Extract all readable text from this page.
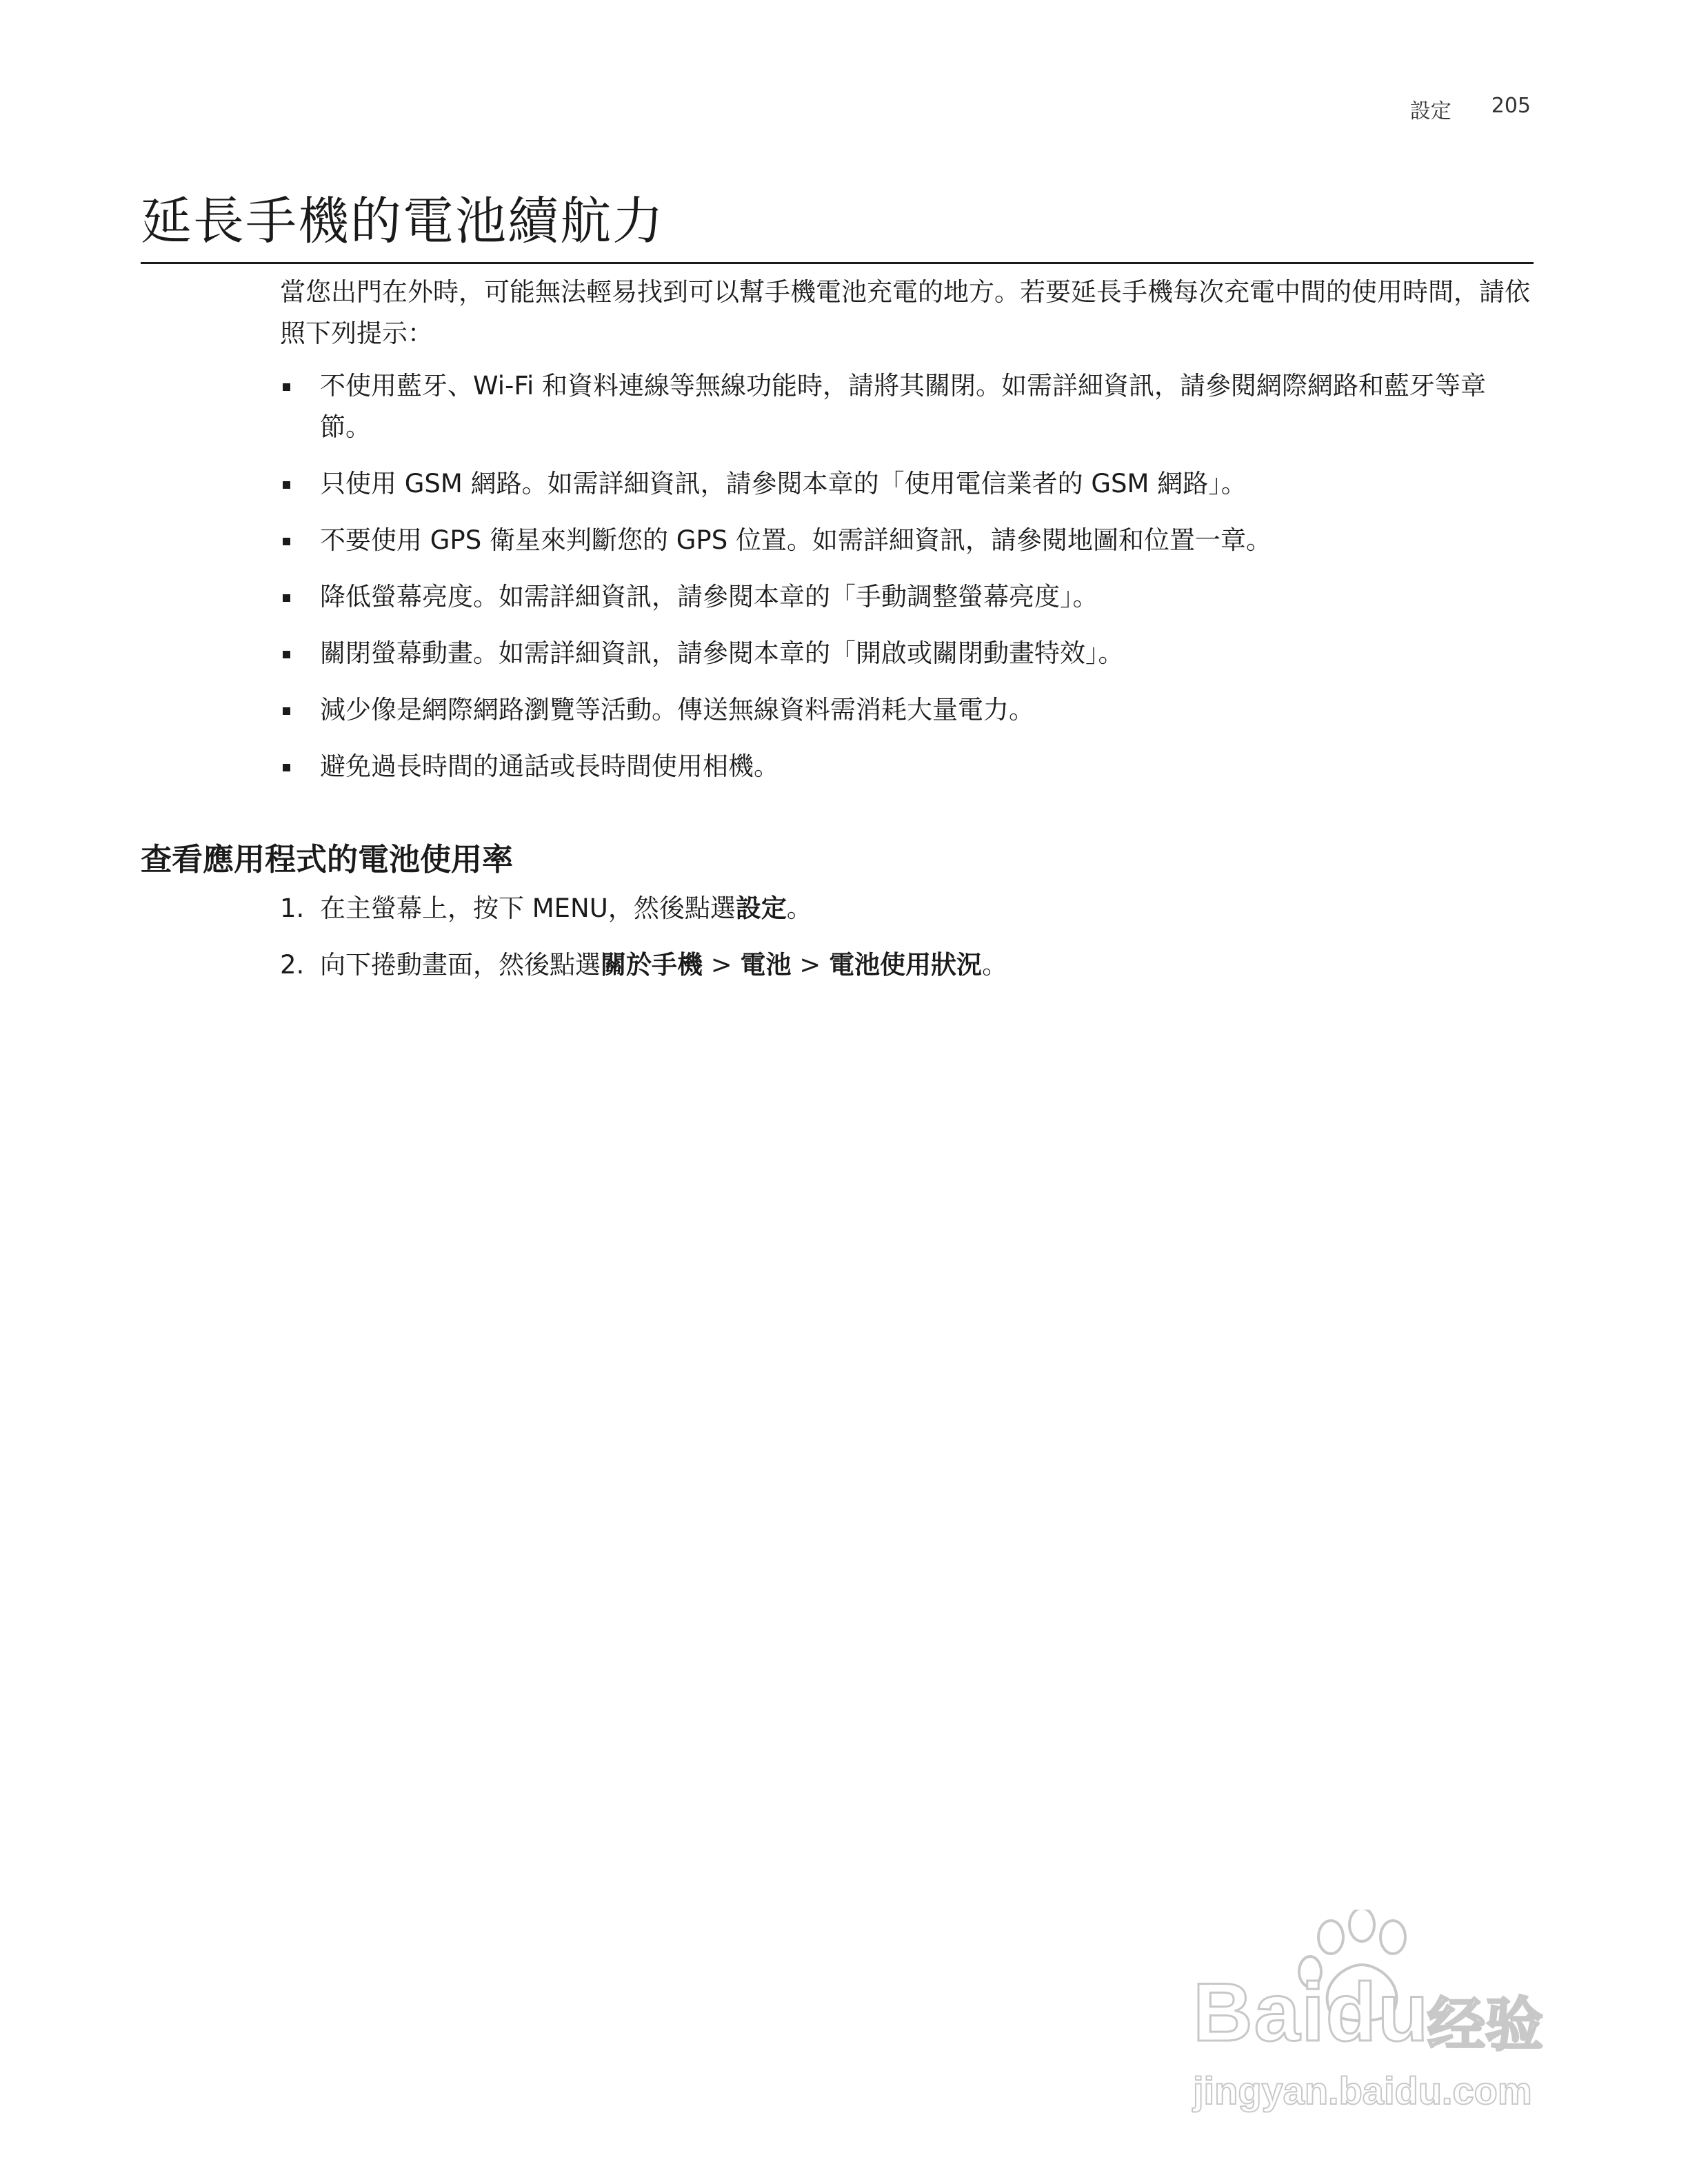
設定 205
延長手機的電池續航力

當您出門在外時，可能無法輕易找到可以幫手機電池充電的地方。若要延長手機每次充電中間的使用時間，請依照下列提示：

不使用藍牙、Wi-Fi 和資料連線等無線功能時，請將其關閉。如需詳細資訊，請參閱網際網路和藍牙等章節。
只使用 GSM 網路。如需詳細資訊，請參閱本章的「使用電信業者的 GSM 網路」。
不要使用 GPS 衛星來判斷您的 GPS 位置。如需詳細資訊，請參閱地圖和位置一章。
降低螢幕亮度。如需詳細資訊，請參閱本章的「手動調整螢幕亮度」。
關閉螢幕動畫。如需詳細資訊，請參閱本章的「開啟或關閉動畫特效」。
減少像是網際網路瀏覽等活動。傳送無線資料需消耗大量電力。
避免過長時間的通話或長時間使用相機。
查看應用程式的電池使用率
1. 在主螢幕上，按下 MENU，然後點選設定。
2. 向下捲動畫面，然後點選關於手機 > 電池 > 電池使用狀況。
Baidu
经验
jingyan.baidu.com
